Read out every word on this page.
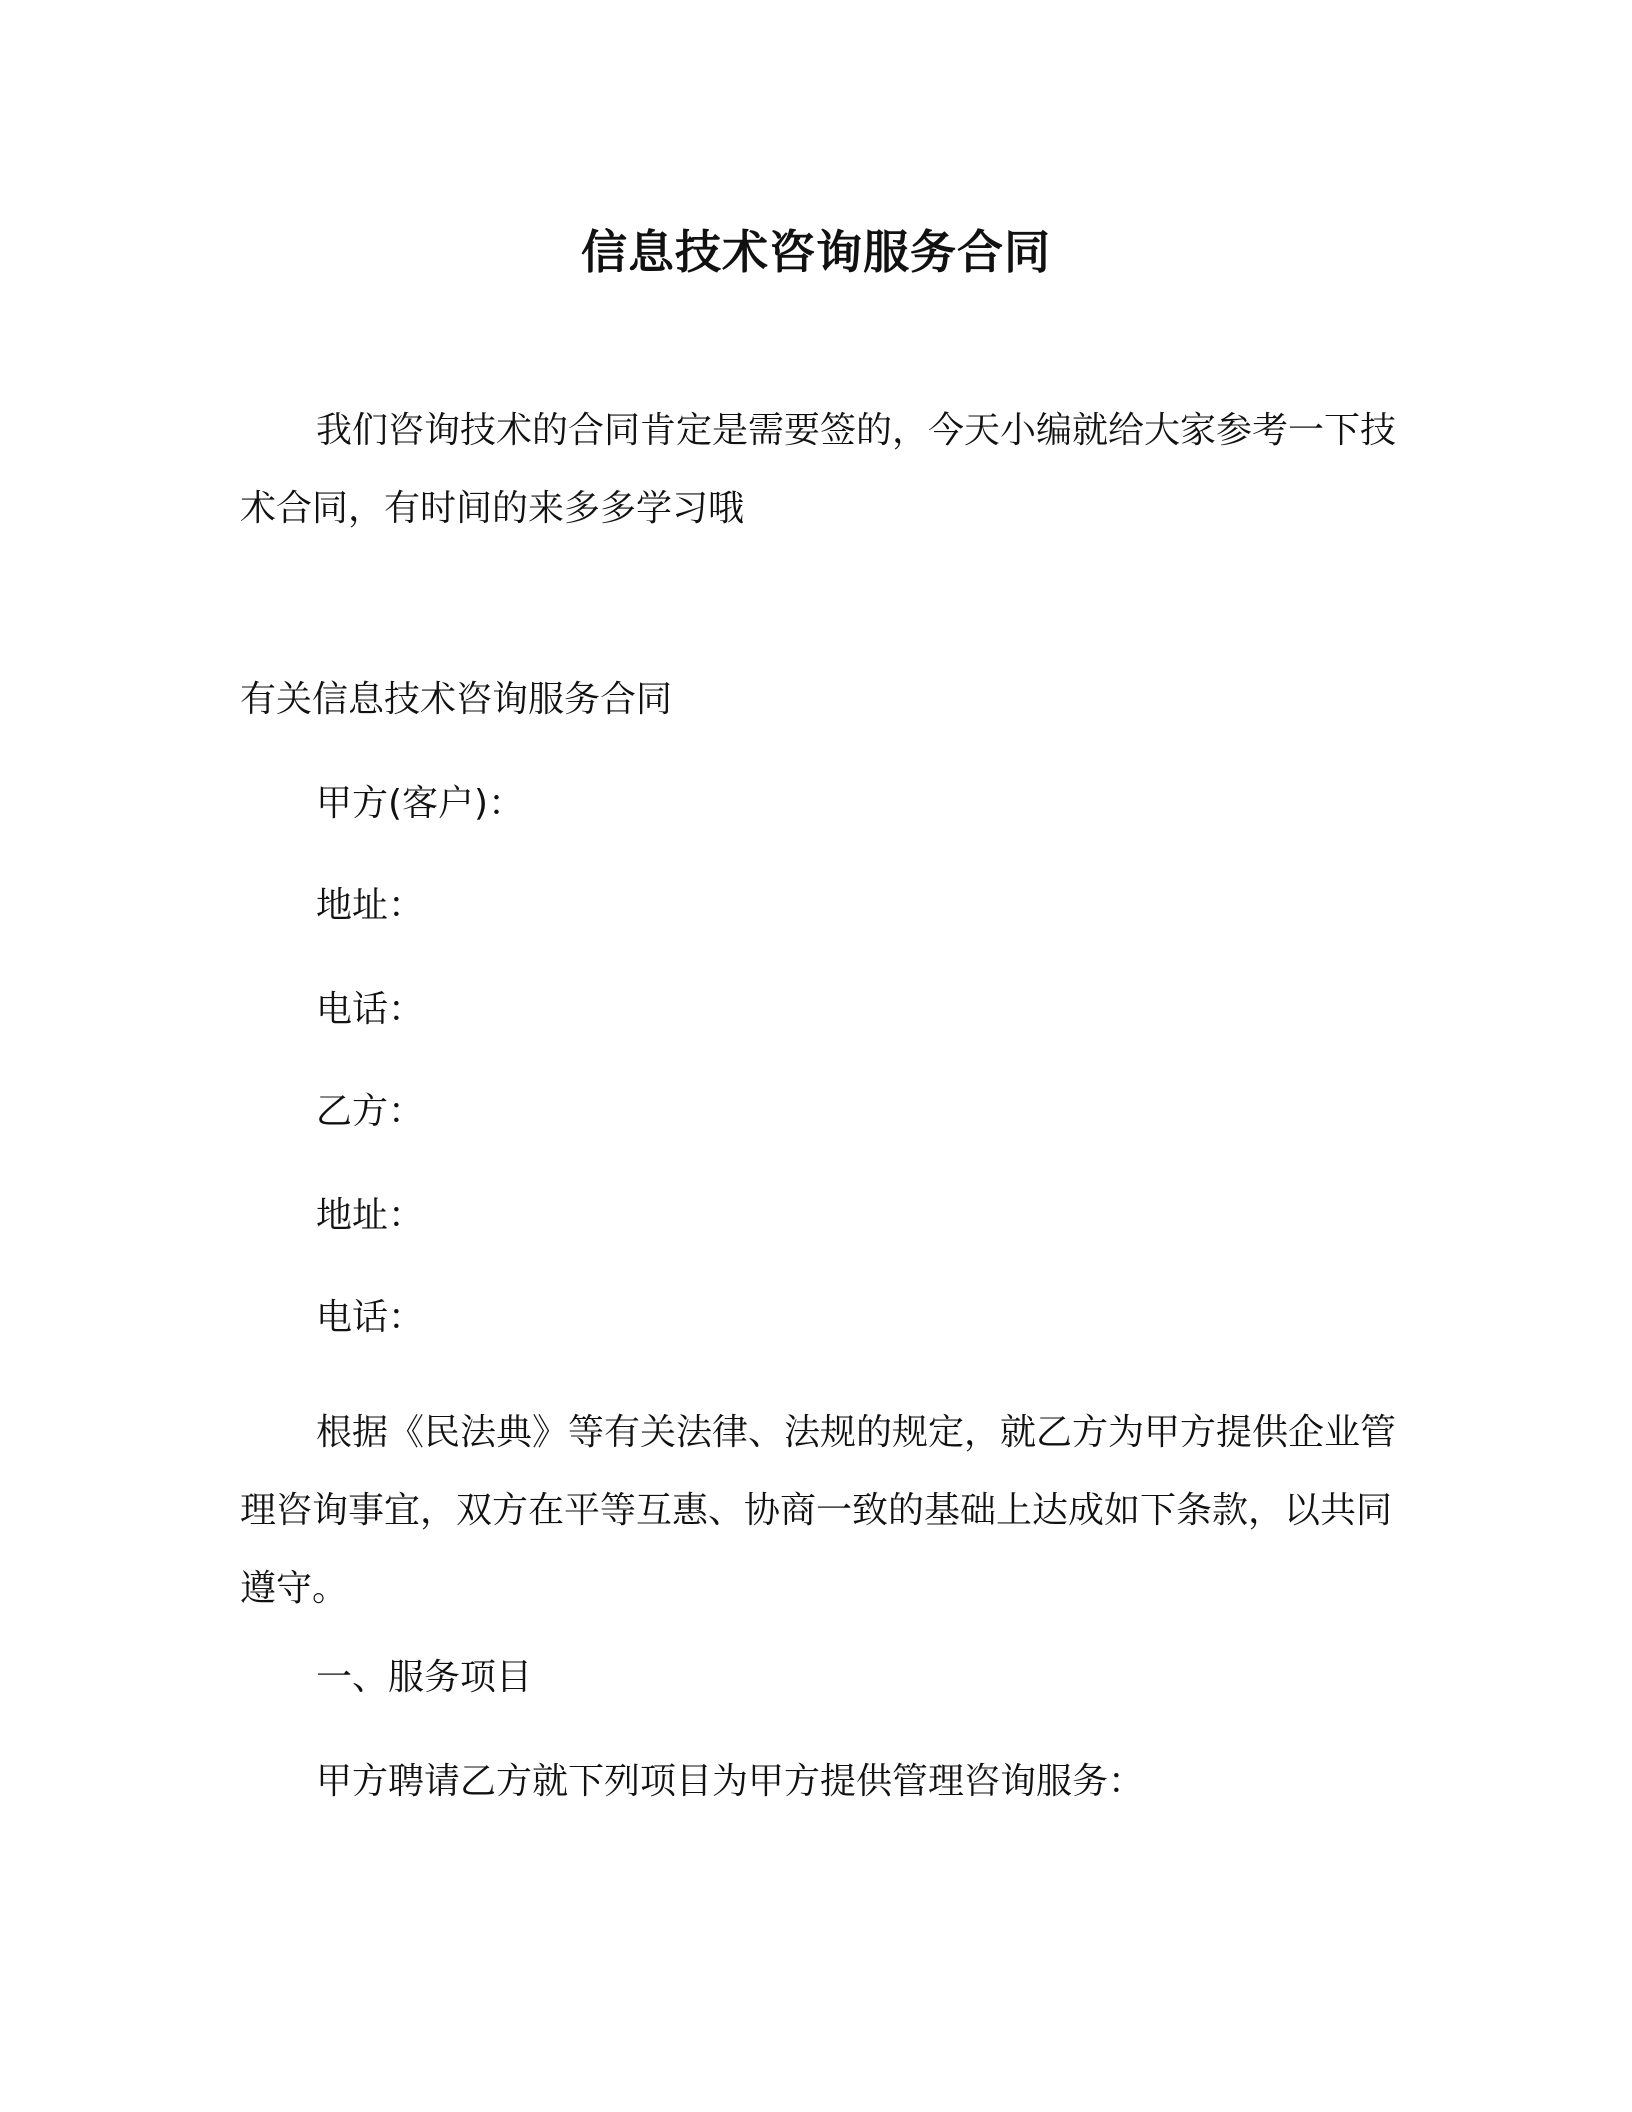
信息技术咨询服务合同
我们咨询技术的合同肯定是需要签的，今天小编就给大家参考一下技术合同，有时间的来多多学习哦
有关信息技术咨询服务合同
甲方(客户)：
地址：
电话：
乙方：
地址：
电话：
根据《民法典》等有关法律、法规的规定，就乙方为甲方提供企业管理咨询事宜，双方在平等互惠、协商一致的基础上达成如下条款，以共同遵守。
一、服务项目
甲方聘请乙方就下列项目为甲方提供管理咨询服务：
